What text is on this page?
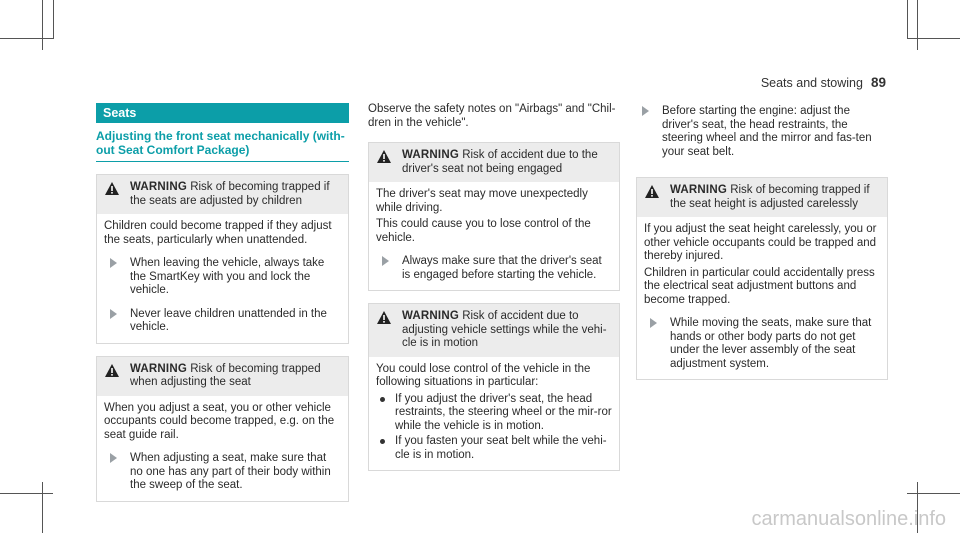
Seats and stowing 89
Seats
Adjusting the front seat mechanically (with-out Seat Comfort Package)
WARNING Risk of becoming trapped if the seats are adjusted by children

Children could become trapped if they adjust the seats, particularly when unattended.

When leaving the vehicle, always take the SmartKey with you and lock the vehicle.
Never leave children unattended in the vehicle.
WARNING Risk of becoming trapped when adjusting the seat

When you adjust a seat, you or other vehicle occupants could become trapped, e.g. on the seat guide rail.

When adjusting a seat, make sure that no one has any part of their body within the sweep of the seat.

Observe the safety notes on "Airbags" and "Chil-dren in the vehicle".

WARNING Risk of accident due to the driver's seat not being engaged

The driver's seat may move unexpectedly while driving.

This could cause you to lose control of the vehicle.

Always make sure that the driver's seat is engaged before starting the vehicle.
WARNING Risk of accident due to adjusting vehicle settings while the vehi-cle is in motion

You could lose control of the vehicle in the following situations in particular:

If you adjust the driver's seat, the head restraints, the steering wheel or the mir-ror while the vehicle is in motion.
If you fasten your seat belt while the vehi-cle is in motion.
Before starting the engine: adjust the driver's seat, the head restraints, the steering wheel and the mirror and fas-ten your seat belt.
WARNING Risk of becoming trapped if the seat height is adjusted carelessly

If you adjust the seat height carelessly, you or other vehicle occupants could be trapped and thereby injured.

Children in particular could accidentally press the electrical seat adjustment buttons and become trapped.

While moving the seats, make sure that hands or other body parts do not get under the lever assembly of the seat adjustment system.
carmanualsonline.info
